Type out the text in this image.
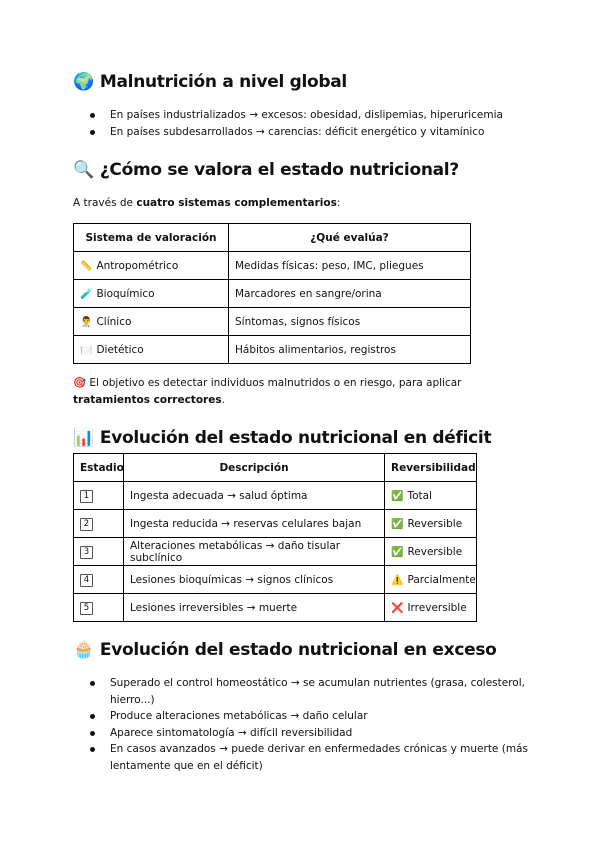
🌍 Malnutrición a nivel global
En países industrializados → excesos: obesidad, dislipemias, hiperuricemia
En países subdesarrollados → carencias: déficit energético y vitamínico
🔍 ¿Cómo se valora el estado nutricional?

A través de cuatro sistemas complementarios:

Sistema de valoración	¿Qué evalúa?
📏 Antropométrico	Medidas físicas: peso, IMC, pliegues
🧪 Bioquímico	Marcadores en sangre/orina
👨‍⚕️ Clínico	Síntomas, signos físicos
🍽️ Dietético	Hábitos alimentarios, registros

🎯 El objetivo es detectar individuos malnutridos o en riesgo, para aplicar tratamientos correctores.

📊 Evolución del estado nutricional en déficit
Estadio	Descripción	Reversibilidad
1	Ingesta adecuada → salud óptima	✅ Total
2	Ingesta reducida → reservas celulares bajan	✅ Reversible
3	Alteraciones metabólicas → daño tisular subclínico	✅ Reversible
4	Lesiones bioquímicas → signos clínicos	⚠️ Parcialmente
5	Lesiones irreversibles → muerte	❌ Irreversible
🧁 Evolución del estado nutricional en exceso
Superado el control homeostático → se acumulan nutrientes (grasa, colesterol, hierro...)
Produce alteraciones metabólicas → daño celular
Aparece sintomatología → difícil reversibilidad
En casos avanzados → puede derivar en enfermedades crónicas y muerte (más lentamente que en el déficit)
